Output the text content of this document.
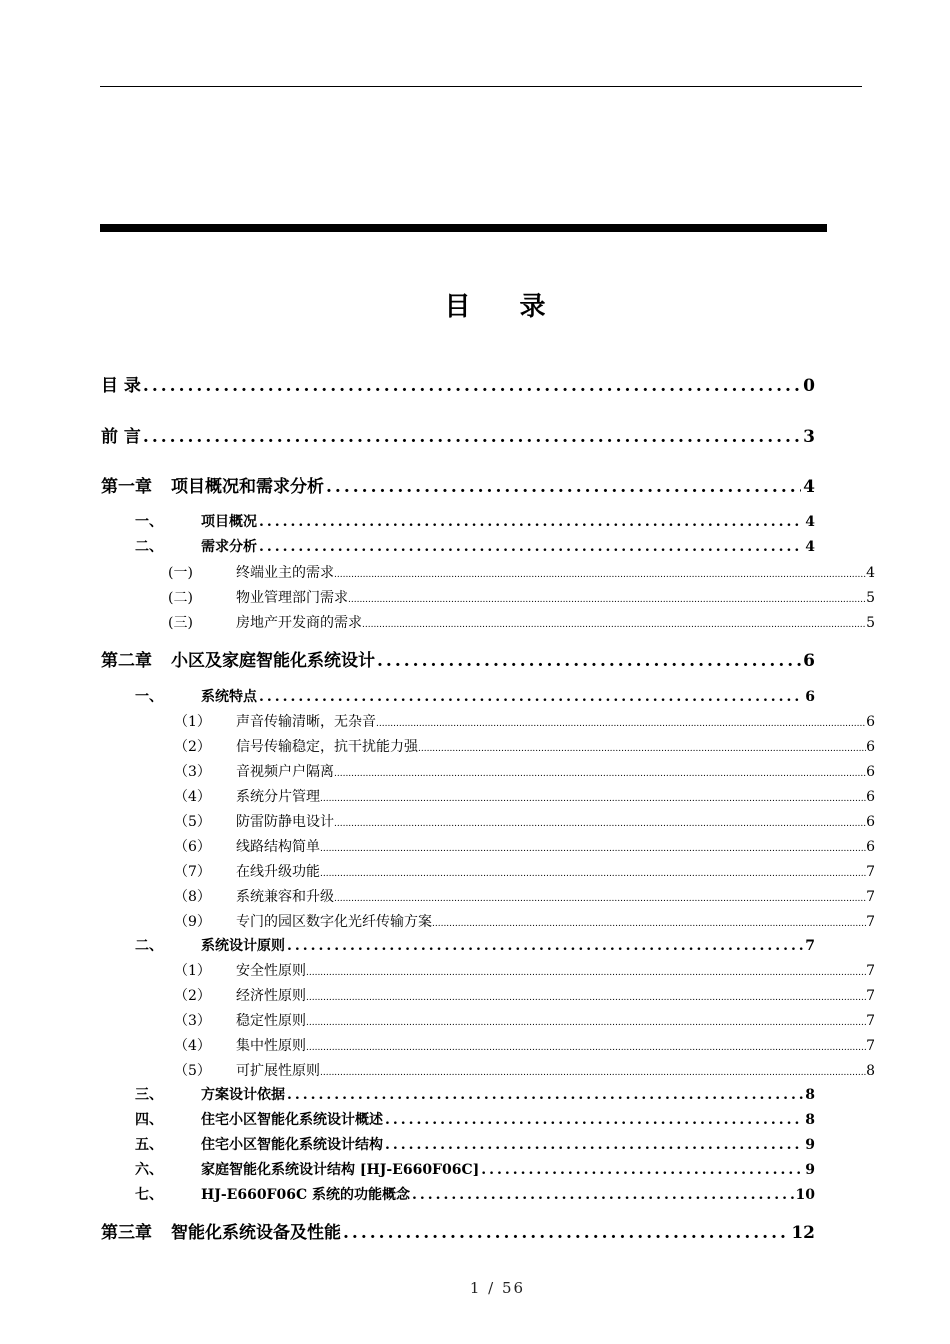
目 录
目 录 .....	0
前 言 .....	3
第一章	项目概况和需求分析 .....	4
一、	项目概况 .....	4
二、	需求分析 .....	4
(一)	终端业主的需求 .....	4
(二)	物业管理部门需求 .....	5
(三)	房地产开发商的需求 .....	5
第二章	小区及家庭智能化系统设计 .....	6
一、	系统特点 .....	6
（1）	声音传输清晰，无杂音 .....	6
（2）	信号传输稳定，抗干扰能力强 .....	6
（3）	音视频户户隔离 .....	6
（4）	系统分片管理 .....	6
（5）	防雷防静电设计 .....	6
（6）	线路结构简单 .....	6
（7）	在线升级功能 .....	7
（8）	系统兼容和升级 .....	7
（9）	专门的园区数字化光纤传输方案 .....	7
二、	系统设计原则 .....	7
（1）	安全性原则 .....	7
（2）	经济性原则 .....	7
（3）	稳定性原则 .....	7
（4）	集中性原则 .....	7
（5）	可扩展性原则 .....	8
三、	方案设计依据 .....	8
四、	住宅小区智能化系统设计概述 .....	8
五、	住宅小区智能化系统设计结构 .....	9
六、	家庭智能化系统设计结构 [HJ-E660F06C] .....	9
七、	HJ-E660F06C 系统的功能概念 .....	10
第三章	智能化系统设备及性能 .....	12
1 / 56
